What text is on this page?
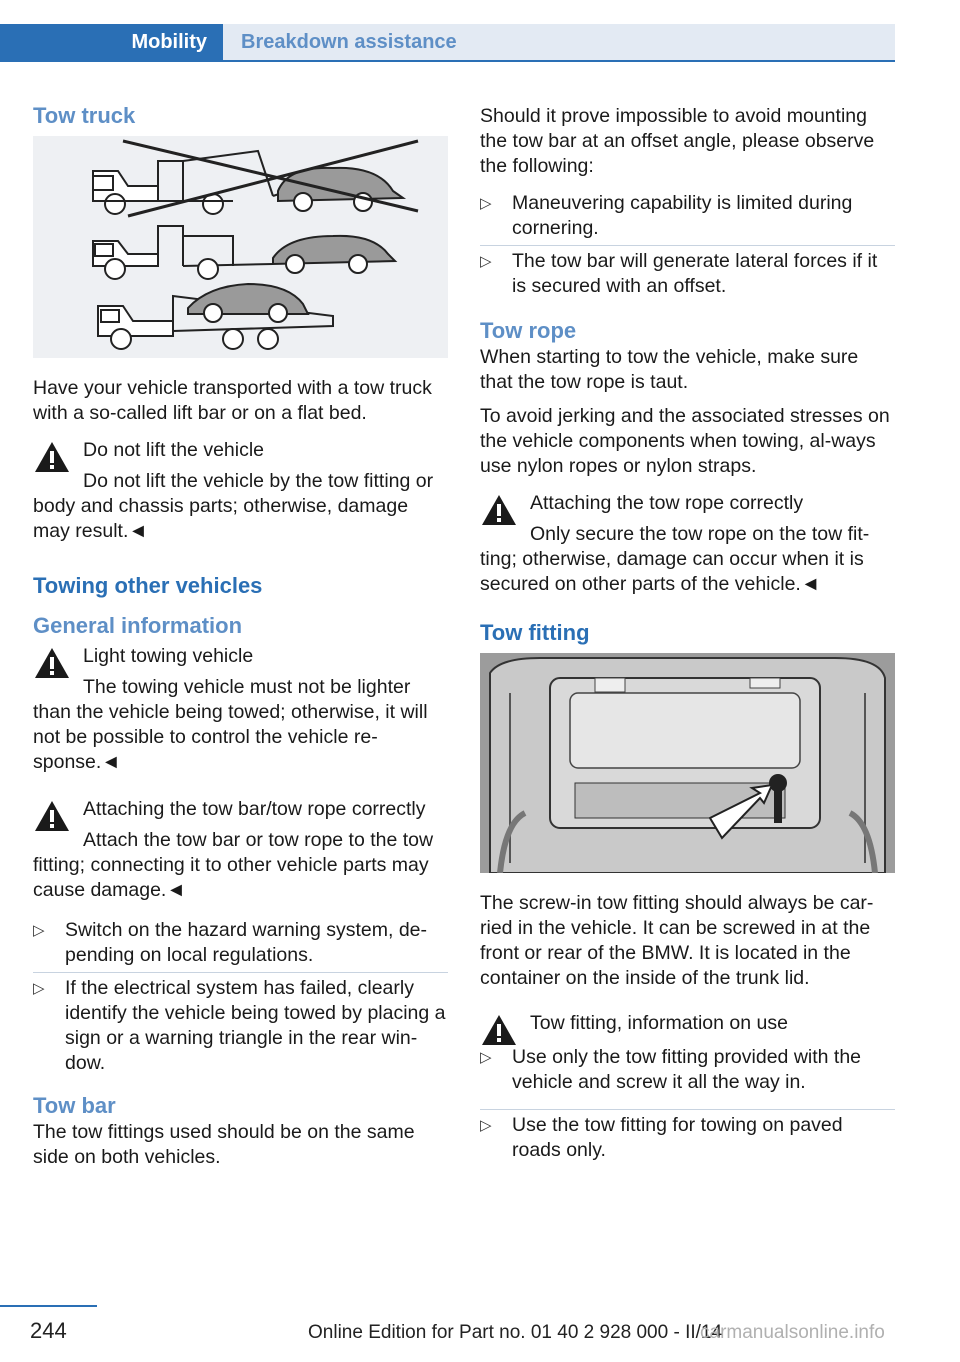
Mobility	Breakdown assistance
Tow truck

Have your vehicle transported with a tow truck with a so-called lift bar or on a flat bed.

Do not lift the vehicle
Do not lift the vehicle by the tow fitting or body and chassis parts; otherwise, damage may result.◄
Towing other vehicles
General information
Light towing vehicle
The towing vehicle must not be lighter than the vehicle being towed; otherwise, it will not be possible to control the vehicle re-sponse.◄
Attaching the tow bar/tow rope correctly
Attach the tow bar or tow rope to the tow fitting; connecting it to other vehicle parts may cause damage.◄
▷ Switch on the hazard warning system, de-pending on local regulations.
▷ If the electrical system has failed, clearly identify the vehicle being towed by placing a sign or a warning triangle in the rear win-dow.
Tow bar

The tow fittings used should be on the same side on both vehicles.

Should it prove impossible to avoid mounting the tow bar at an offset angle, please observe the following:

▷ Maneuvering capability is limited during cornering.
▷ The tow bar will generate lateral forces if it is secured with an offset.
Tow rope

When starting to tow the vehicle, make sure that the tow rope is taut.

To avoid jerking and the associated stresses on the vehicle components when towing, al-ways use nylon ropes or nylon straps.

Attaching the tow rope correctly
Only secure the tow rope on the tow fit-ting; otherwise, damage can occur when it is secured on other parts of the vehicle.◄
Tow fitting

The screw-in tow fitting should always be car-ried in the vehicle. It can be screwed in at the front or rear of the BMW. It is located in the container on the inside of the trunk lid.

Tow fitting, information on use
▷ Use only the tow fitting provided with the vehicle and screw it all the way in.
▷ Use the tow fitting for towing on paved roads only.
244	Online Edition for Part no. 01 40 2 928 000 - II/14
carmanualsonline.info
